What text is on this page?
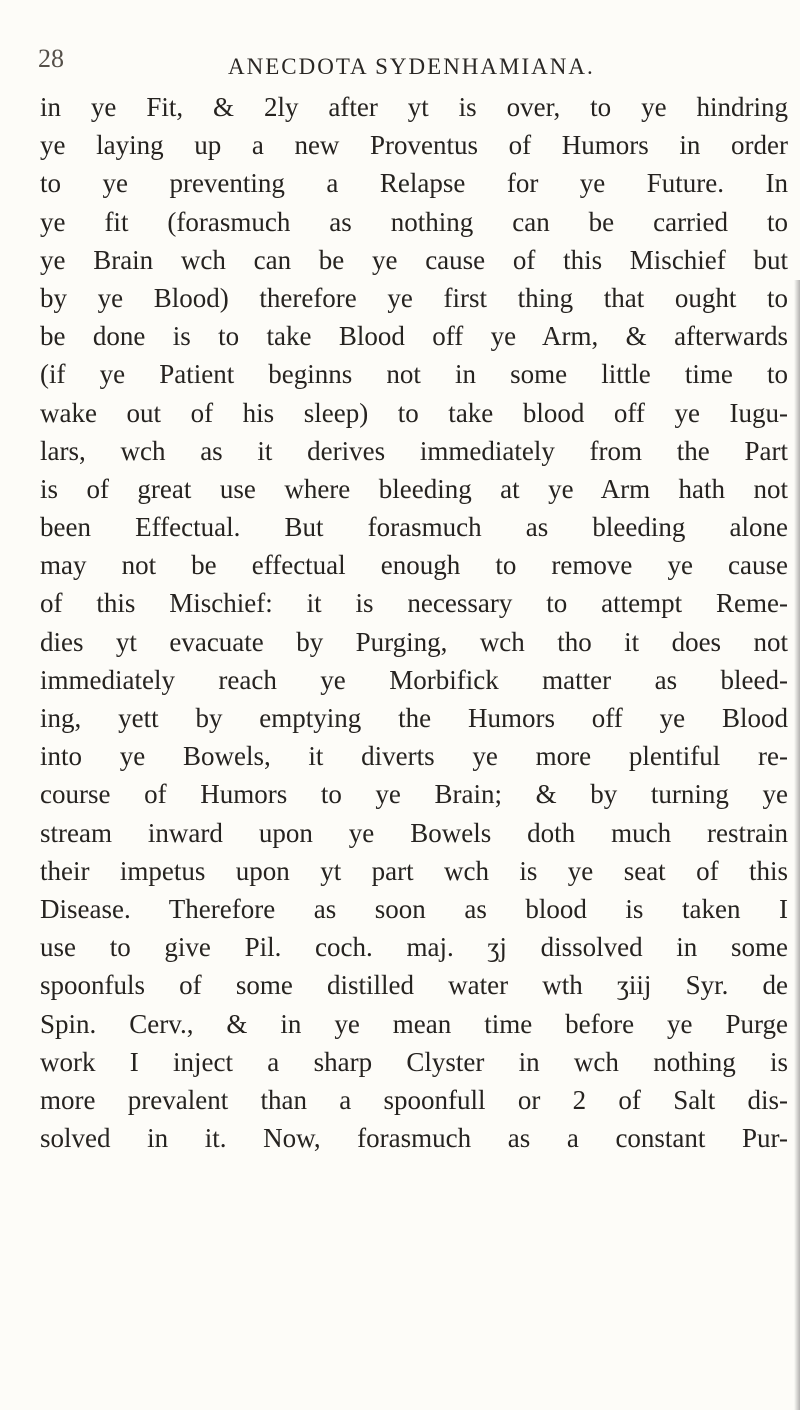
28	ANECDOTA SYDENHAMIANA.
in ye Fit, & 2ly after yt is over, to ye hindring
ye laying up a new Proventus of Humors in order
to ye preventing a Relapse for ye Future. In
ye fit (forasmuch as nothing can be carried to
ye Brain wch can be ye cause of this Mischief but
by ye Blood) therefore ye first thing that ought to
be done is to take Blood off ye Arm, & afterwards
(if ye Patient beginns not in some little time to
wake out of his sleep) to take blood off ye Iugu-
lars, wch as it derives immediately from the Part
is of great use where bleeding at ye Arm hath not
been Effectual. But forasmuch as bleeding alone
may not be effectual enough to remove ye cause
of this Mischief: it is necessary to attempt Reme-
dies yt evacuate by Purging, wch tho it does not
immediately reach ye Morbifick matter as bleed-
ing, yett by emptying the Humors off ye Blood
into ye Bowels, it diverts ye more plentiful re-
course of Humors to ye Brain; & by turning ye
stream inward upon ye Bowels doth much restrain
their impetus upon yt part wch is ye seat of this
Disease. Therefore as soon as blood is taken I
use to give Pil. coch. maj. ʒj dissolved in some
spoonfuls of some distilled water wth ʒiij Syr. de
Spin. Cerv., & in ye mean time before ye Purge
work I inject a sharp Clyster in wch nothing is
more prevalent than a spoonfull or 2 of Salt dis-
solved in it. Now, forasmuch as a constant Pur-
